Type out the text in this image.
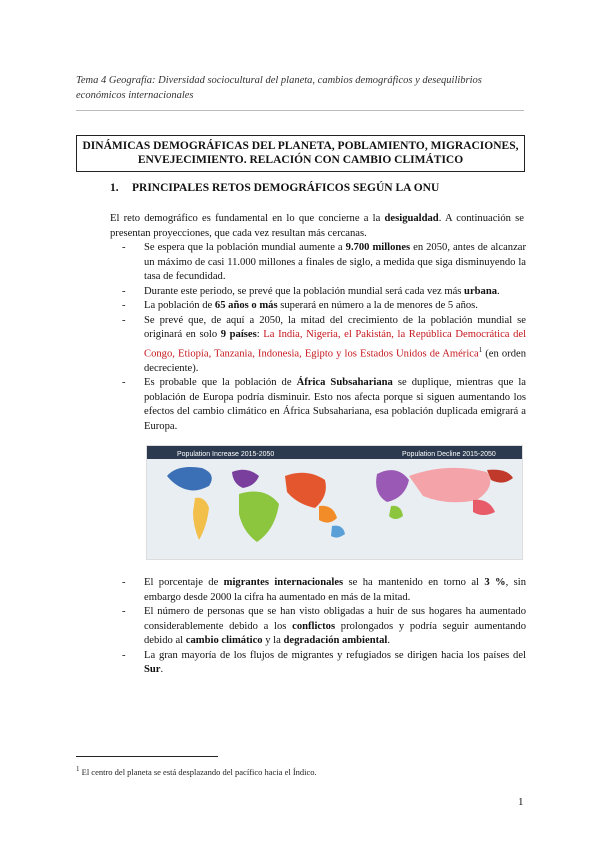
Tema 4 Geografía: Diversidad sociocultural del planeta, cambios demográficos y desequilibrios económicos internacionales
DINÁMICAS DEMOGRÁFICAS DEL PLANETA, POBLAMIENTO, MIGRACIONES,
ENVEJECIMIENTO. RELACIÓN CON CAMBIO CLIMÁTICO
1. PRINCIPALES RETOS DEMOGRÁFICOS SEGÚN LA ONU
El reto demográfico es fundamental en lo que concierne a la desigualdad. A continuación se presentan proyecciones, que cada vez resultan más cercanas.
- Se espera que la población mundial aumente a 9.700 millones en 2050, antes de alcanzar un máximo de casi 11.000 millones a finales de siglo, a medida que siga disminuyendo la tasa de fecundidad.
- Durante este periodo, se prevé que la población mundial será cada vez más urbana.
- La población de 65 años o más superará en número a la de menores de 5 años.
- Se prevé que, de aquí a 2050, la mitad del crecimiento de la población mundial se originará en solo 9 países: La India, Nigeria, el Pakistán, la República Democrática del Congo, Etiopía, Tanzania, Indonesia, Egipto y los Estados Unidos de América$^1$ (en orden decreciente).
- Es probable que la población de África Subsahariana se duplique, mientras que la población de Europa podría disminuir. Esto nos afecta porque si siguen aumentando los efectos del cambio climático en África Subsahariana, esa población duplicada emigrará a Europa.
Population Increase 2015-2050	Population Decline 2015-2050
- El porcentaje de migrantes internacionales se ha mantenido en torno al 3 %, sin embargo desde 2000 la cifra ha aumentado en más de la mitad.
- El número de personas que se han visto obligadas a huir de sus hogares ha aumentado considerablemente debido a los conflictos prolongados y podría seguir aumentando debido al cambio climático y la degradación ambiental.
- La gran mayoría de los flujos de migrantes y refugiados se dirigen hacia los países del Sur.
$^1$ El centro del planeta se está desplazando del pacífico hacia el Índico.
1
